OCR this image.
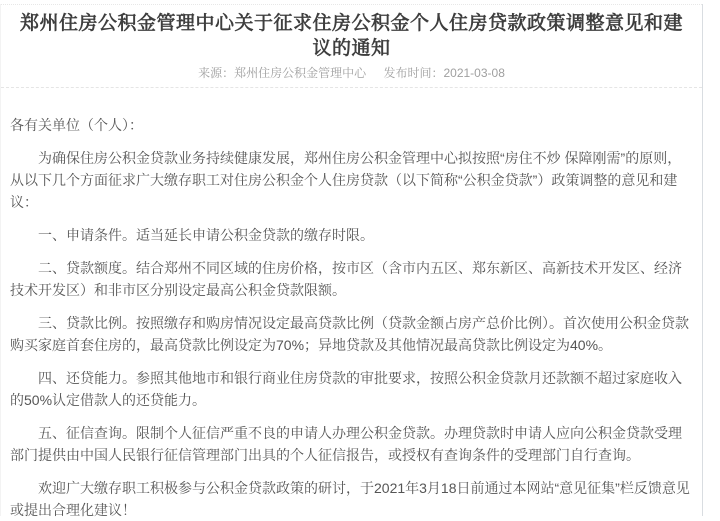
郑州住房公积金管理中心关于征求住房公积金个人住房贷款政策调整意见和建议的通知
来源：郑州住房公积金管理中心 发布时间：2021-03-08

各有关单位（个人）：

为确保住房公积金贷款业务持续健康发展，郑州住房公积金管理中心拟按照“房住不炒 保障刚需”的原则，从以下几个方面征求广大缴存职工对住房公积金个人住房贷款（以下简称“公积金贷款”）政策调整的意见和建议：

一、申请条件。适当延长申请公积金贷款的缴存时限。

二、贷款额度。结合郑州不同区域的住房价格，按市区（含市内五区、郑东新区、高新技术开发区、经济技术开发区）和非市区分别设定最高公积金贷款限额。

三、贷款比例。按照缴存和购房情况设定最高贷款比例（贷款金额占房产总价比例）。首次使用公积金贷款购买家庭首套住房的，最高贷款比例设定为70%；异地贷款及其他情况最高贷款比例设定为40%。

四、还贷能力。参照其他地市和银行商业住房贷款的审批要求，按照公积金贷款月还款额不超过家庭收入的50%认定借款人的还贷能力。

五、征信查询。限制个人征信严重不良的申请人办理公积金贷款。办理贷款时申请人应向公积金贷款受理部门提供由中国人民银行征信管理部门出具的个人征信报告，或授权有查询条件的受理部门自行查询。

欢迎广大缴存职工积极参与公积金贷款政策的研讨，于2021年3月18日前通过本网站“意见征集”栏反馈意见或提出合理化建议！
